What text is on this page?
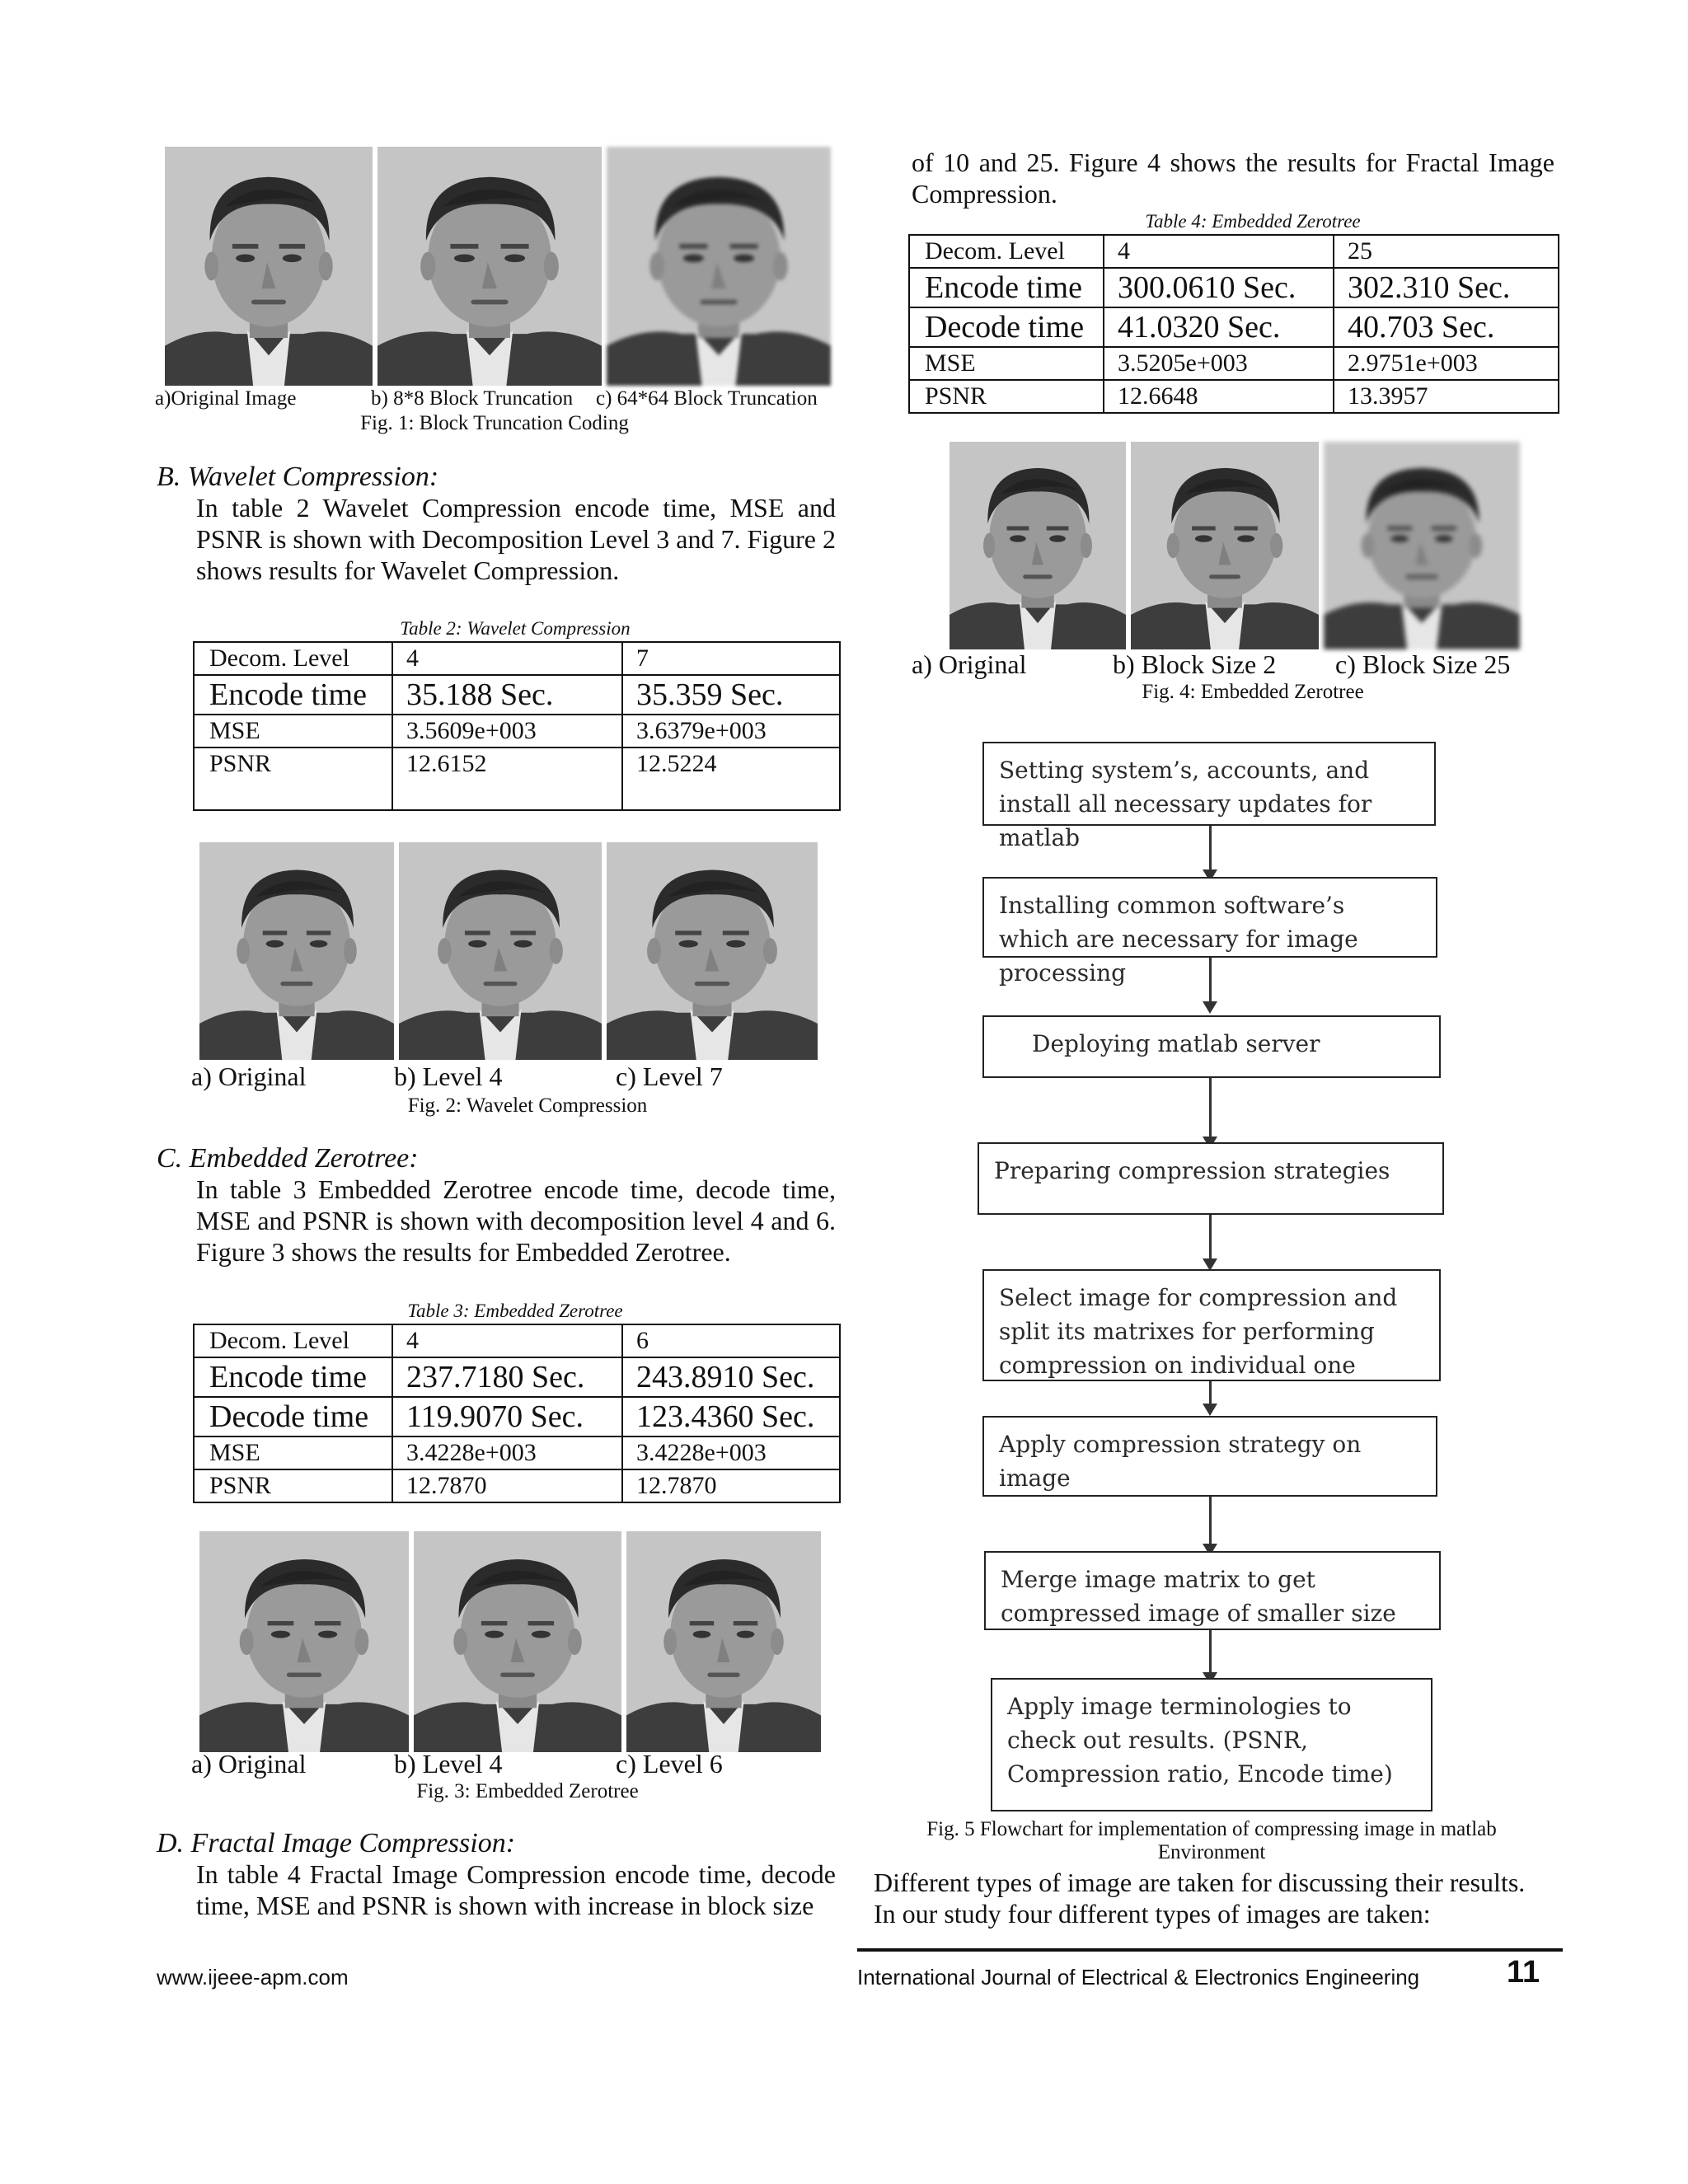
a)Original Image	b) 8*8 Block Truncation c) 64*64 Block Truncation
Fig. 1: Block Truncation Coding
B. Wavelet Compression:
In table 2 Wavelet Compression encode time, MSE and PSNR is shown with Decomposition Level 3 and 7. Figure 2 shows results for Wavelet Compression.
Table 2: Wavelet Compression
Decom. Level	4	7
Encode time	35.188 Sec.	35.359 Sec.
MSE	3.5609e+003	3.6379e+003
PSNR	12.6152	12.5224
a) Original	b) Level 4	c) Level 7
Fig. 2: Wavelet Compression
C. Embedded Zerotree:
In table 3 Embedded Zerotree encode time, decode time, MSE and PSNR is shown with decomposition level 4 and 6. Figure 3 shows the results for Embedded Zerotree.
Table 3: Embedded Zerotree
Decom. Level	4	6
Encode time	237.7180 Sec.	243.8910 Sec.
Decode time	119.9070 Sec.	123.4360 Sec.
MSE	3.4228e+003	3.4228e+003
PSNR	12.7870	12.7870
a) Original	b) Level 4	c) Level 6
Fig. 3: Embedded Zerotree
D. Fractal Image Compression:
In table 4 Fractal Image Compression encode time, decode time, MSE and PSNR is shown with increase in block size
of 10 and 25. Figure 4 shows the results for Fractal Image Compression.
Table 4: Embedded Zerotree
Decom. Level	4	25
Encode time	300.0610 Sec.	302.310 Sec.
Decode time	41.0320 Sec.	40.703 Sec.
MSE	3.5205e+003	2.9751e+003
PSNR	12.6648	13.3957
a) Original	b) Block Size 2 c) Block Size 25
Fig. 4: Embedded Zerotree
Setting system’s, accounts, and install all necessary updates for matlab
Installing common software’s which are necessary for image processing
Deploying matlab server
Preparing compression strategies
Select image for compression and split its matrixes for performing compression on individual one
Apply compression strategy on image
Merge image matrix to get compressed image of smaller size
Apply image terminologies to check out results. (PSNR, Compression ratio, Encode time)
Fig. 5 Flowchart for implementation of compressing image in matlab
Environment
Different types of image are taken for discussing their results.
In our study four different types of images are taken:
www.ijeee-apm.com	International Journal of Electrical & Electronics Engineering	11
